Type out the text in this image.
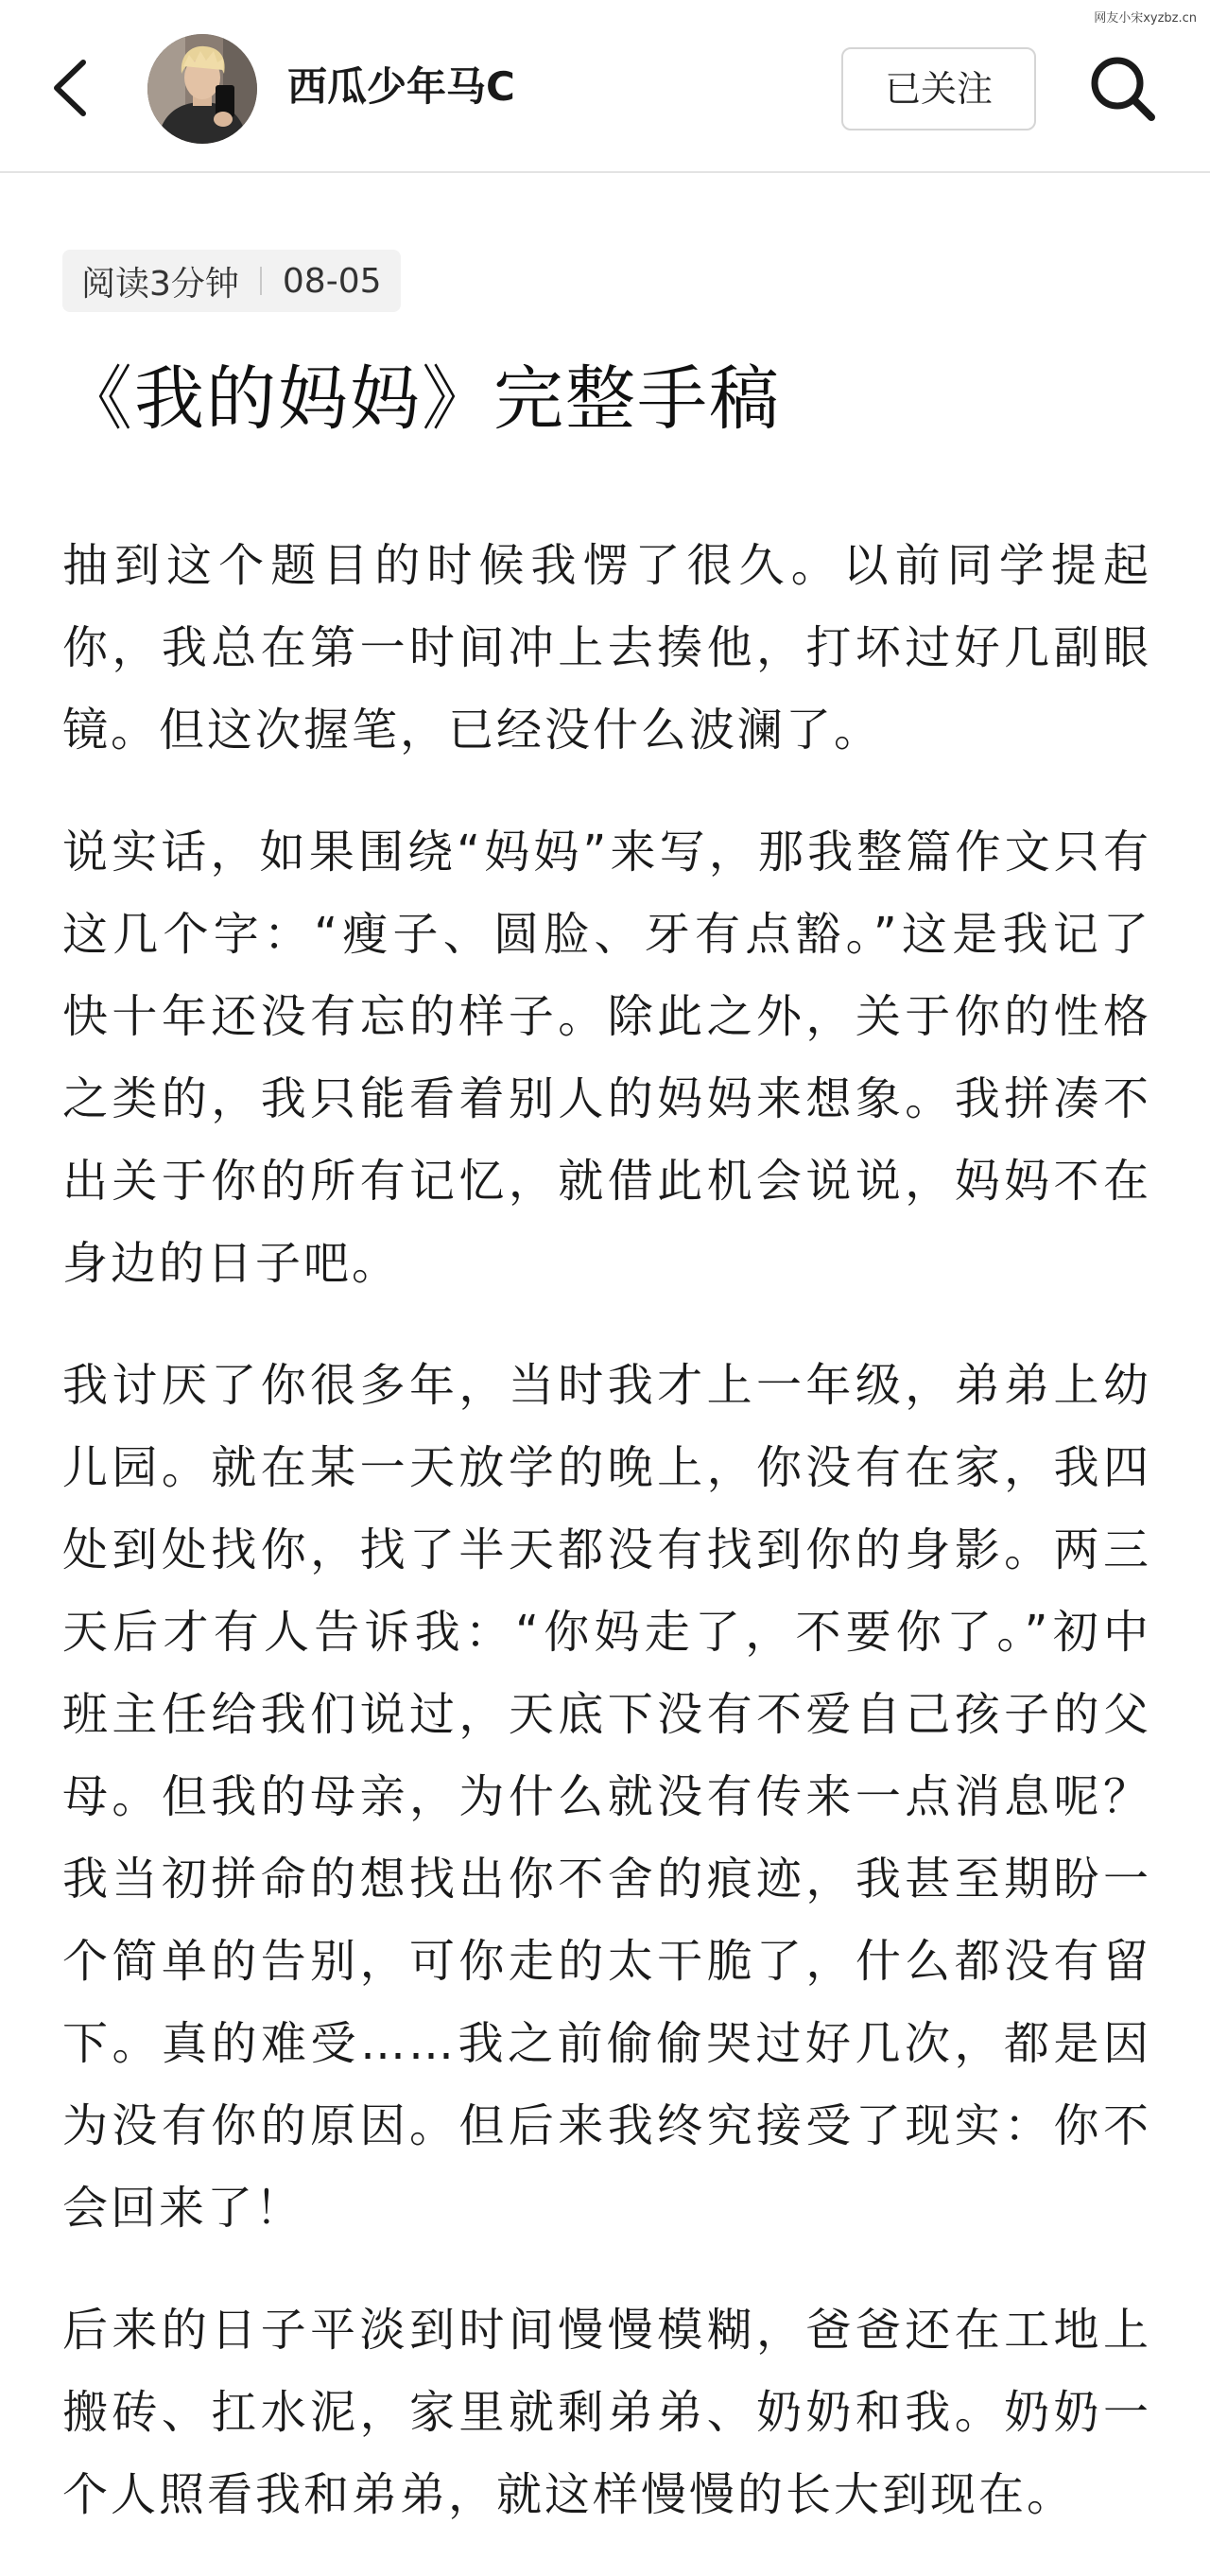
网友小宋xyzbz.cn
西瓜少年马C	已关注
阅读3分钟 08-05
《我的妈妈》完整手稿

抽到这个题目的时候我愣了很久。以前同学提起你，我总在第一时间冲上去揍他，打坏过好几副眼镜。但这次握笔，已经没什么波澜了。

说实话，如果围绕“妈妈”来写，那我整篇作文只有这几个字：“瘦子、圆脸、牙有点豁。”这是我记了快十年还没有忘的样子。除此之外，关于你的性格之类的，我只能看着别人的妈妈来想象。我拼凑不出关于你的所有记忆，就借此机会说说，妈妈不在身边的日子吧。

我讨厌了你很多年，当时我才上一年级，弟弟上幼儿园。就在某一天放学的晚上，你没有在家，我四处到处找你，找了半天都没有找到你的身影。两三天后才有人告诉我：“你妈走了，不要你了。”初中班主任给我们说过，天底下没有不爱自己孩子的父母。但我的母亲，为什么就没有传来一点消息呢？我当初拼命的想找出你不舍的痕迹，我甚至期盼一个简单的告别，可你走的太干脆了，什么都没有留下。真的难受……我之前偷偷哭过好几次，都是因为没有你的原因。但后来我终究接受了现实：你不会回来了！

后来的日子平淡到时间慢慢模糊，爸爸还在工地上搬砖、扛水泥，家里就剩弟弟、奶奶和我。奶奶一个人照看我和弟弟，就这样慢慢的长大到现在。
